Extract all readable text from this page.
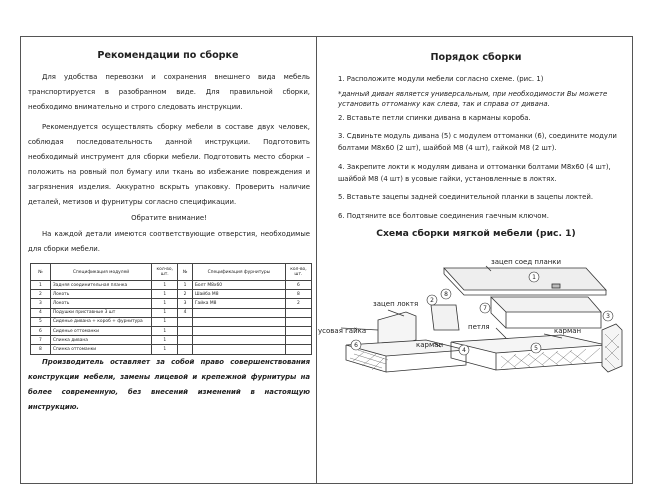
Рекомендации по сборке

Для удобства перевозки и сохранения внешнего вида мебель транспортируется в разобранном виде. Для правильной сборки, необходимо внимательно и строго следовать инструкции.

Рекомендуется осуществлять сборку мебели в составе двух человек, соблюдая последовательность данной инструкции. Подготовить необходимый инструмент для сборки мебели. Подготовить место сборки – положить на ровный пол бумагу или ткань во избежание повреждения и загрязнения изделия. Аккуратно вскрыть упаковку. Проверить наличие деталей, метизов и фурнитуры согласно спецификации.

Обратите внимание!

На каждой детали имеются соответствующие отверстия, необходимые для сборки мебели.

№	Спецификация модулей	кол-во, шт.	№	Спецификация фурнитуры	кол-во, шт.
1	Задняя соединительная планка	1	1	Болт М8х60	6
2	Локоть	1	2	Шайба М8	8
3	Локоть	1	3	Гайка М8	2
4	Подушки приставные 3 шт	1	4		
5	Сиденье дивана + короб + фурнитура	1			
6	Сиденье оттоманки	1			
7	Спинка дивана	1			
8	Спинка оттоманки	1			

Производитель оставляет за собой право совершенствования конструкции мебели, замены лицевой и крепежной фурнитуры на более современную, без внесений изменений в настоящую инструкцию.

Порядок сборки
1. Расположите модули мебели согласно схеме. (рис. 1)
*данный диван является универсальным, при необходимости Вы можете установить оттоманку как слева, так и справа от дивана.
2. Вставьте петли спинки дивана в карманы короба.
3. Сдвиньте модуль дивана (5) с модулем оттоманки (6), соедините модули болтами М8х60 (2 шт), шайбой М8 (4 шт), гайкой М8 (2 шт).
4. Закрепите локти к модулям дивана и оттоманки болтами М8х60 (4 шт), шайбой М8 (4 шт) в усовые гайки, установленные в локтях.
5. Вставьте зацепы задней соединительной планки в зацепы локтей.
6. Подтяните все болтовые соединения гаечным ключом.
Схема сборки мягкой мебели (рис. 1)
1
2
3
4	5
6
7
8
зацеп соед планки
зацеп локтя
усовая гайка
карман
петля	карман
